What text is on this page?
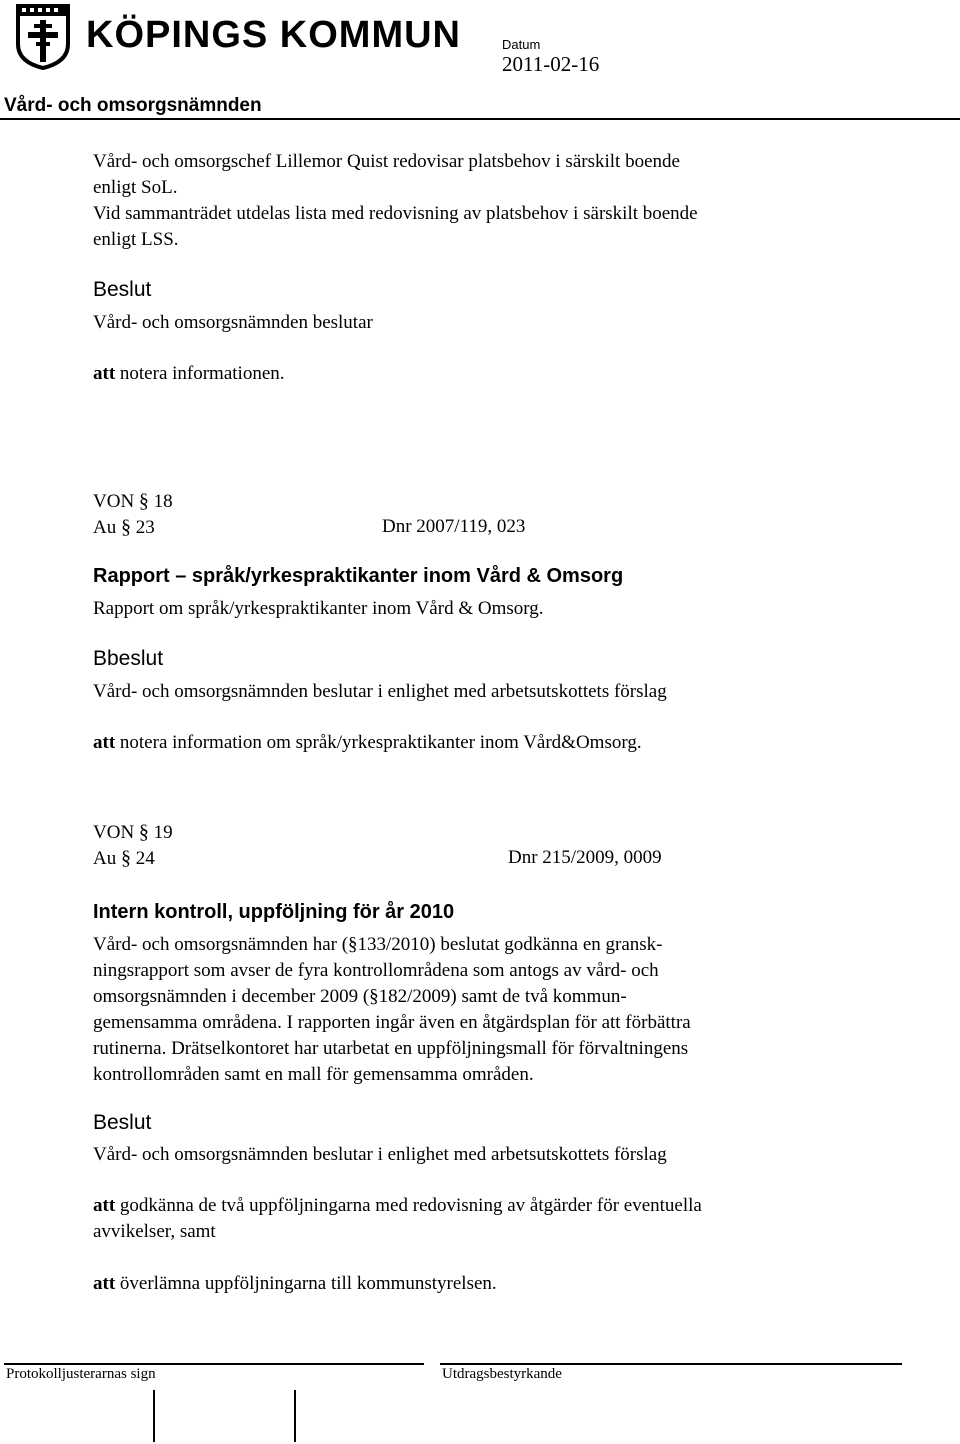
KÖPINGS KOMMUN	Datum
2011-02-16
Vård- och omsorgsnämnden
Vård- och omsorgschef Lillemor Quist redovisar platsbehov i särskilt boende
enligt SoL.
Vid sammanträdet utdelas lista med redovisning av platsbehov i särskilt boende
enligt LSS.
Beslut
Vård- och omsorgsnämnden beslutar
att notera informationen.
VON § 18
Au § 23	Dnr 2007/119, 023
Rapport – språk/yrkespraktikanter inom Vård & Omsorg
Rapport om språk/yrkespraktikanter inom Vård & Omsorg.
Bbeslut
Vård- och omsorgsnämnden beslutar i enlighet med arbetsutskottets förslag
att notera information om språk/yrkespraktikanter inom Vård&Omsorg.
VON § 19
Au § 24	Dnr 215/2009, 0009
Intern kontroll, uppföljning för år 2010
Vård- och omsorgsnämnden har (§133/2010) beslutat godkänna en gransk-
ningsrapport som avser de fyra kontrollområdena som antogs av vård- och
omsorgsnämnden i december 2009 (§182/2009) samt de två kommun-
gemensamma områdena. I rapporten ingår även en åtgärdsplan för att förbättra
rutinerna. Drätselkontoret har utarbetat en uppföljningsmall för förvaltningens
kontrollområden samt en mall för gemensamma områden.
Beslut
Vård- och omsorgsnämnden beslutar i enlighet med arbetsutskottets förslag
att godkänna de två uppföljningarna med redovisning av åtgärder för eventuella
avvikelser, samt
att överlämna uppföljningarna till kommunstyrelsen.
Protokolljusterarnas sign	Utdragsbestyrkande
